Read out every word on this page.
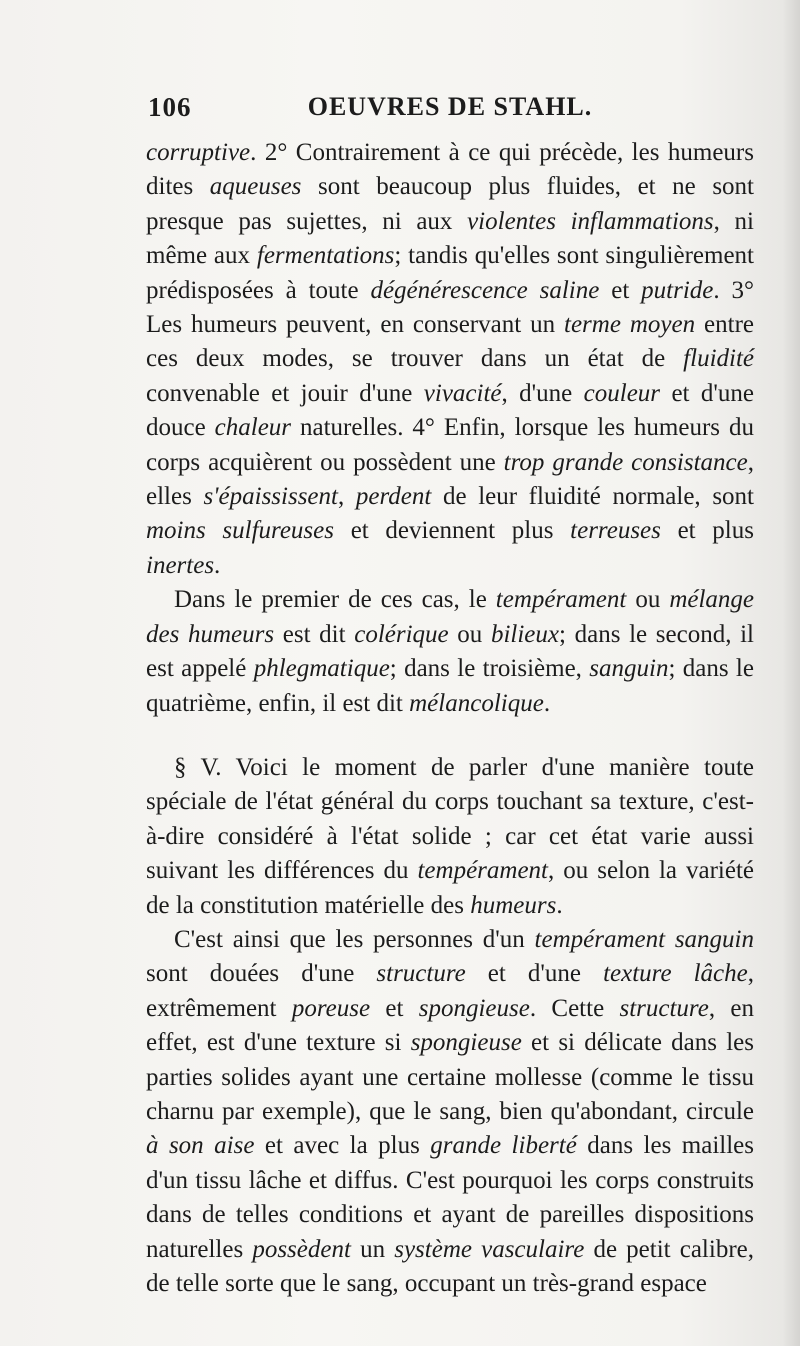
106	OEUVRES DE STAHL.

corruptive. 2° Contrairement à ce qui précède, les humeurs dites aqueuses sont beaucoup plus fluides, et ne sont presque pas sujettes, ni aux violentes inflammations, ni même aux fermentations; tandis qu'elles sont singulièrement prédisposées à toute dégénérescence saline et putride. 3° Les humeurs peuvent, en conservant un terme moyen entre ces deux modes, se trouver dans un état de fluidité convenable et jouir d'une vivacité, d'une couleur et d'une douce chaleur naturelles. 4° Enfin, lorsque les humeurs du corps acquièrent ou possèdent une trop grande consistance, elles s'épaississent, perdent de leur fluidité normale, sont moins sulfureuses et deviennent plus terreuses et plus inertes.

Dans le premier de ces cas, le tempérament ou mélange des humeurs est dit colérique ou bilieux; dans le second, il est appelé phlegmatique; dans le troisième, sanguin; dans le quatrième, enfin, il est dit mélancolique.

§ V. Voici le moment de parler d'une manière toute spéciale de l'état général du corps touchant sa texture, c'est-à-dire considéré à l'état solide ; car cet état varie aussi suivant les différences du tempérament, ou selon la variété de la constitution matérielle des humeurs.

C'est ainsi que les personnes d'un tempérament sanguin sont douées d'une structure et d'une texture lâche, extrêmement poreuse et spongieuse. Cette structure, en effet, est d'une texture si spongieuse et si délicate dans les parties solides ayant une certaine mollesse (comme le tissu charnu par exemple), que le sang, bien qu'abondant, circule à son aise et avec la plus grande liberté dans les mailles d'un tissu lâche et diffus. C'est pourquoi les corps construits dans de telles conditions et ayant de pareilles dispositions naturelles possèdent un système vasculaire de petit calibre, de telle sorte que le sang, occupant un très-grand espace
